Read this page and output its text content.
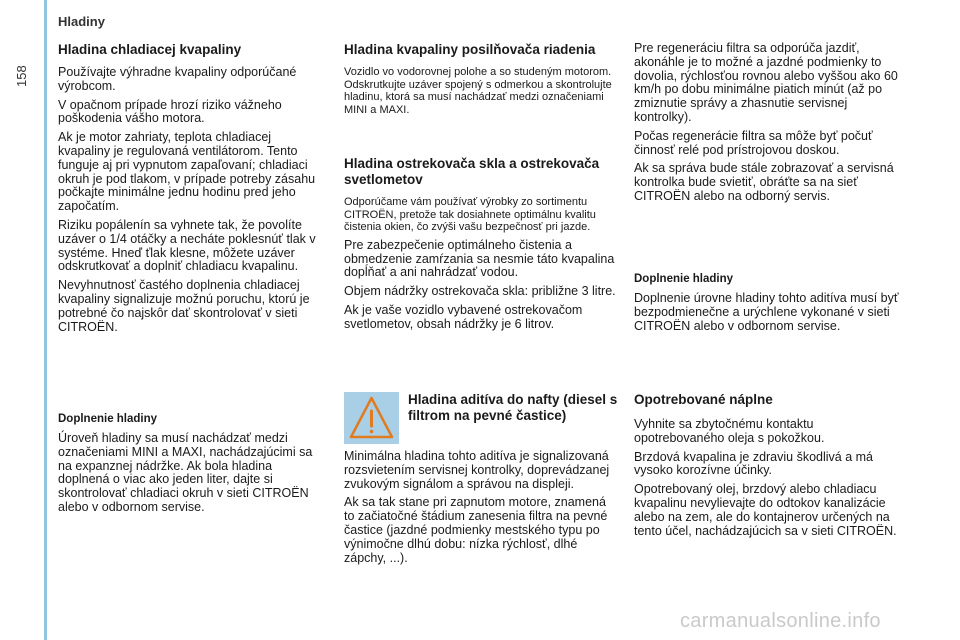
158
Hladiny
Hladina chladiacej kvapaliny

Používajte výhradne kvapaliny odporúčané výrobcom.

V opačnom prípade hrozí riziko vážneho poškodenia vášho motora.

Ak je motor zahriaty, teplota chladiacej kvapaliny je regulovaná ventilátorom. Tento funguje aj pri vypnutom zapaľovaní; chladiaci okruh je pod tlakom, v prípade potreby zásahu počkajte minimálne jednu hodinu pred jeho započatím.

Riziku popálenín sa vyhnete tak, že povolíte uzáver o 1/4 otáčky a necháte poklesnúť tlak v systéme. Hneď ťlak klesne, môžete uzáver odskrutkovať a doplniť chladiacu kvapalinu.

Nevyhnutnosť častého doplnenia chladiacej kvapaliny signalizuje možnú poruchu, ktorú je potrebné čo najskôr dať skontrolovať v sieti CITROËN.

Doplnenie hladiny

Úroveň hladiny sa musí nachádzať medzi označeniami MINI a MAXI, nachádzajúcimi sa na expanznej nádržke. Ak bola hladina doplnená o viac ako jeden liter, dajte si skontrolovať chladiaci okruh v sieti CITROËN alebo v odbornom servise.

Hladina kvapaliny posilňovača riadenia

Vozidlo vo vodorovnej polohe a so studeným motorom. Odskrutkujte uzáver spojený s odmerkou a skontrolujte hladinu, ktorá sa musí nachádzať medzi označeniami MINI a MAXI.

Hladina ostrekovača skla a ostrekovača svetlometov

Odporúčame vám používať výrobky zo sortimentu CITROËN, pretože tak dosiahnete optimálnu kvalitu čistenia okien, čo zvýši vašu bezpečnosť pri jazde.

Pre zabezpečenie optimálneho čistenia a obmedzenie zamŕzania sa nesmie táto kvapalina dopĺňať a ani nahrádzať vodou.

Objem nádržky ostrekovača skla: približne 3 litre.

Ak je vaše vozidlo vybavené ostrekovačom svetlometov, obsah nádržky je 6 litrov.

Hladina aditíva do nafty (diesel s filtrom na pevné častice)

Minimálna hladina tohto aditíva je signalizovaná rozsvietením servisnej kontrolky, doprevádzanej zvukovým signálom a správou na displeji.

Ak sa tak stane pri zapnutom motore, znamená to začiatočné štádium zanesenia filtra na pevné častice (jazdné podmienky mestského typu po výnimočne dlhú dobu: nízka rýchlosť, dlhé zápchy, ...).

Pre regeneráciu filtra sa odporúča jazdiť, akonáhle je to možné a jazdné podmienky to dovolia, rýchlosťou rovnou alebo vyššou ako 60 km/h po dobu minimálne piatich minút (až po zmiznutie správy a zhasnutie servisnej kontrolky).

Počas regenerácie filtra sa môže byť počuť činnosť relé pod prístrojovou doskou.

Ak sa správa bude stále zobrazovať a servisná kontrolka bude svietiť, obráťte sa na sieť CITROËN alebo na odborný servis.

Doplnenie hladiny

Doplnenie úrovne hladiny tohto aditíva musí byť bezpodmienečne a urýchlene vykonané v sieti CITROËN alebo v odbornom servise.

Opotrebované náplne

Vyhnite sa zbytočnému kontaktu opotrebovaného oleja s pokožkou.

Brzdová kvapalina je zdraviu škodlivá a má vysoko korozívne účinky.

Opotrebovaný olej, brzdový alebo chladiacu kvapalinu nevylievajte do odtokov kanalizácie alebo na zem, ale do kontajnerov určených na tento účel, nachádzajúcich sa v sieti CITROËN.

carmanualsonline.info
